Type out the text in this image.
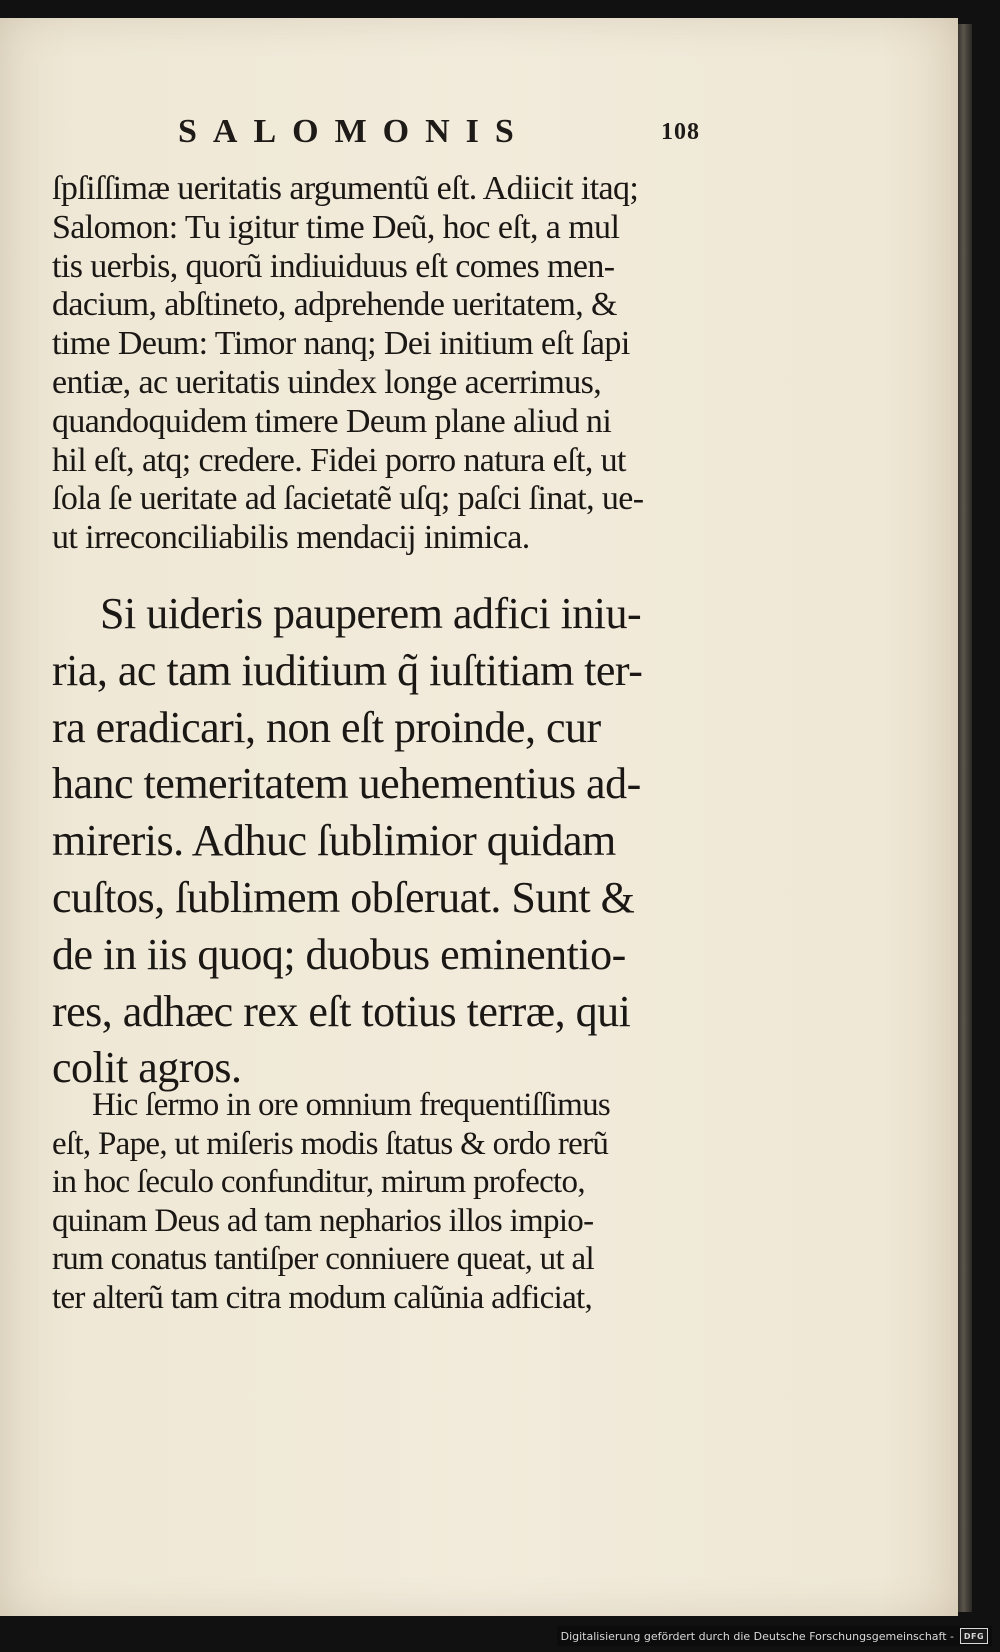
SALOMONIS	108
ſpſiſſimæ ueritatis argumentũ eſt. Adiicit itaq;
Salomon: Tu igitur time Deũ, hoc eſt, a mul
tis uerbis, quorũ indiuiduus eſt comes men-
dacium, abſtineto, adprehende ueritatem, &
time Deum: Timor nanq; Dei initium eſt ſapi
entiæ, ac ueritatis uindex longe acerrimus,
quandoquidem timere Deum plane aliud ni
hil eſt, atq; credere. Fidei porro natura eſt, ut
ſola ſe ueritate ad ſacietatẽ uſq; paſci ſinat, ue-
ut irreconciliabilis mendacij inimica.
Si uideris pauperem adfici iniu-
ria, ac tam iuditium q̃ iuſtitiam ter-
ra eradicari, non eſt proinde, cur
hanc temeritatem uehementius ad-
mireris. Adhuc ſublimior quidam
cuſtos, ſublimem obſeruat. Sunt &
de in iis quoq; duobus eminentio-
res, adhæc rex eſt totius terræ, qui
colit agros.
Hic ſermo in ore omnium frequentiſſimus
eſt, Pape, ut miſeris modis ſtatus & ordo rerũ
in hoc ſeculo confunditur, mirum profecto,
quinam Deus ad tam nepharios illos impio-
rum conatus tantiſper conniuere queat, ut al
ter alterũ tam citra modum calũnia adficiat,
Digitalisierung gefördert durch die Deutsche Forschungsgemeinschaft -	DFG
